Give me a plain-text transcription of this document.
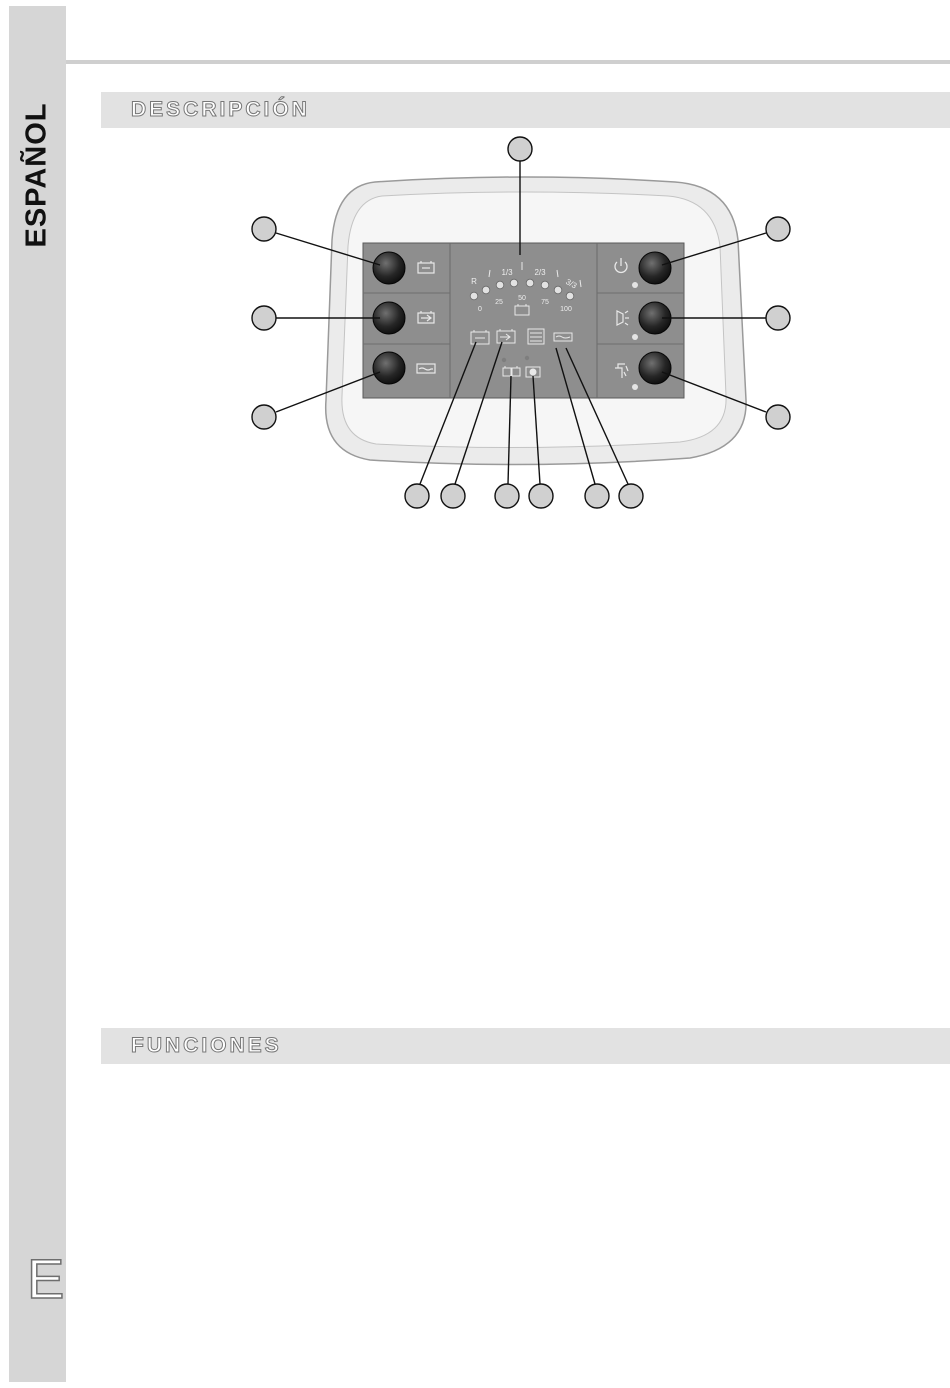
ESPAÑOL
E
DESCRIPCIÓN
FUNCIONES
R
1/3	2/3
3/3
0
25
50
75
100
